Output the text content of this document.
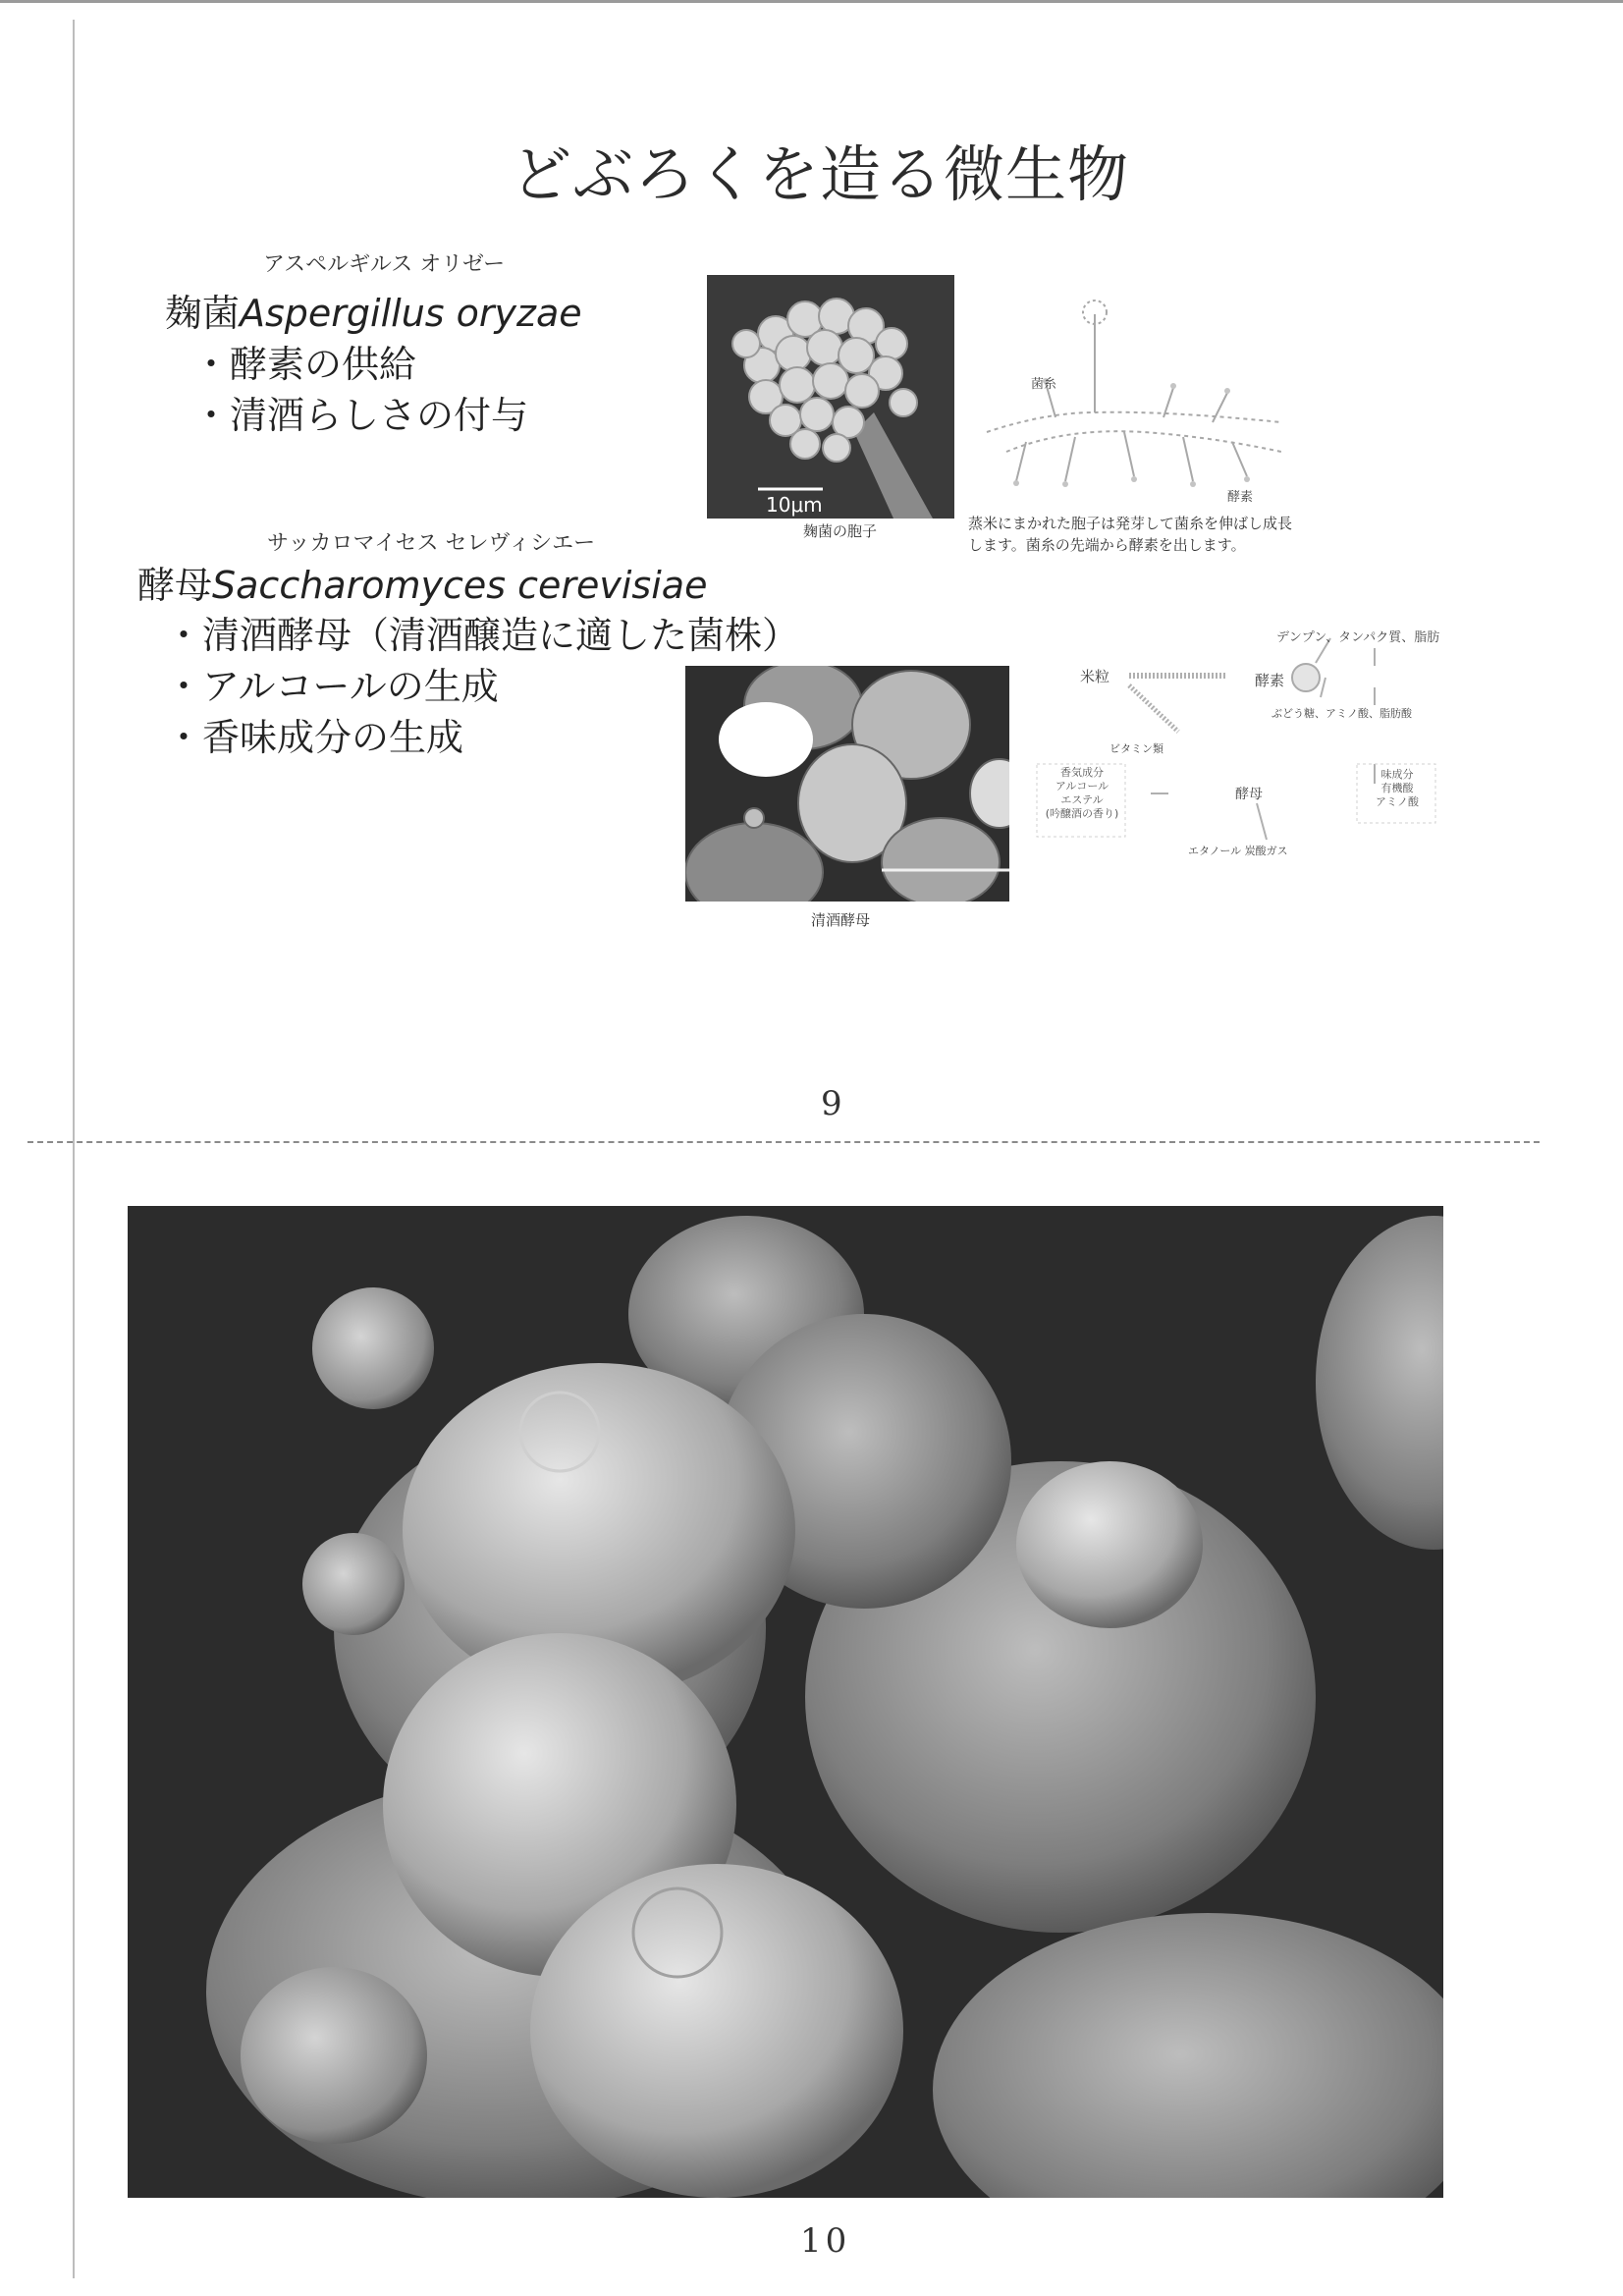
どぶろくを造る微生物
アスペルギルス オリゼー
麹菌Aspergillus oryzae
・酵素の供給
・清酒らしさの付与
10μm
麹菌の胞子
菌糸
酵素
蒸米にまかれた胞子は発芽して菌糸を伸ばし成長
します。菌糸の先端から酵素を出します。
サッカロマイセス セレヴィシエー
酵母Saccharomyces cerevisiae
・清酒酵母（清酒醸造に適した菌株）
・アルコールの生成
・香味成分の生成
清酒酵母
デンプン、タンパク質、脂肪
米粒	酵素
ぶどう糖、アミノ酸、脂肪酸
ビタミン類
香気成分
アルコール
エステル
(吟醸酒の香り)
酵母
味成分
有機酸
アミノ酸
エタノール 炭酸ガス
9
10
